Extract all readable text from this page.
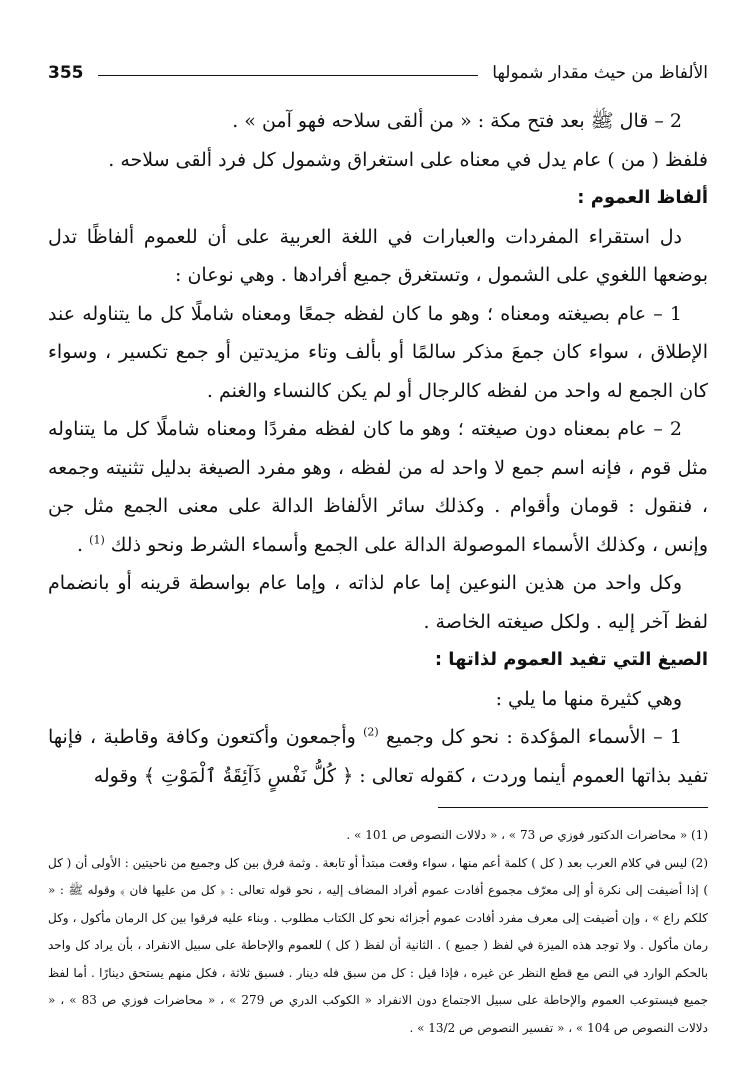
الألفاظ من حيث مقدار شمولها
355

2 – قال ﷺ بعد فتح مكة : « من ألقى سلاحه فهو آمن » .

فلفظ ( من ) عام يدل في معناه على استغراق وشمول كل فرد ألقى سلاحه .

ألفاظ العموم :

دل استقراء المفردات والعبارات في اللغة العربية على أن للعموم ألفاظًا تدل بوضعها اللغوي على الشمول ، وتستغرق جميع أفرادها . وهي نوعان :

1 – عام بصيغته ومعناه ؛ وهو ما كان لفظه جمعًا ومعناه شاملًا كل ما يتناوله عند الإطلاق ، سواء كان جمعَ مذكر سالمًا أو بألف وتاء مزيدتين أو جمع تكسير ، وسواء كان الجمع له واحد من لفظه كالرجال أو لم يكن كالنساء والغنم .

2 – عام بمعناه دون صيغته ؛ وهو ما كان لفظه مفردًا ومعناه شاملًا كل ما يتناوله مثل قوم ، فإنه اسم جمع لا واحد له من لفظه ، وهو مفرد الصيغة بدليل تثنيته وجمعه ، فنقول : قومان وأقوام . وكذلك سائر الألفاظ الدالة على معنى الجمع مثل جن وإنس ، وكذلك الأسماء الموصولة الدالة على الجمع وأسماء الشرط ونحو ذلك $^{(1)}$ .

وكل واحد من هذين النوعين إما عام لذاته ، وإما عام بواسطة قرينه أو بانضمام لفظ آخر إليه . ولكل صيغته الخاصة .

الصيغ التي تفيد العموم لذاتها :

وهي كثيرة منها ما يلي :

1 – الأسماء المؤكدة : نحو كل وجميع $^{(2)}$ وأجمعون وأكتعون وكافة وقاطبة ، فإنها تفيد بذاتها العموم أينما وردت ، كقوله تعالى : ﴿ كُلُّ نَفْسٍ ذَآئِقَةُ ٱلْمَوْتِ ﴾ وقوله

(1) « محاضرات الدكتور فوزي ص 73 » ، « دلالات النصوص ص 101 » .

(2) ليس في كلام العرب بعد ( كل ) كلمة أعم منها ، سواء وقعت مبتدأ أو تابعة . وثمة فرق بين كل وجميع من ناحيتين : الأولى أن ( كل ) إذا أضيفت إلى نكرة أو إلى معرّف مجموع أفادت عموم أفراد المضاف إليه ، نحو قوله تعالى : ﴿ كل من عليها فان ﴾ وقوله ﷺ : « كلكم راع » ، وإن أضيفت إلى معرف مفرد أفادت عموم أجزائه نحو كل الكتاب مطلوب . وبناء عليه فرقوا بين كل الرمان مأكول ، وكل رمان مأكول . ولا توجد هذه الميزة في لفظ ( جميع ) . الثانية أن لفظ ( كل ) للعموم والإحاطة على سبيل الانفراد ، بأن يراد كل واحد بالحكم الوارد في النص مع قطع النظر عن غيره ، فإذا قيل : كل من سبق فله دينار . فسبق ثلاثة ، فكل منهم يستحق دينارًا . أما لفظ جميع فيستوعب العموم والإحاطة على سبيل الاجتماع دون الانفراد « الكوكب الدري ص 279 » ، « محاضرات فوزي ص 83 » ، « دلالات النصوص ص 104 » ، « تفسير النصوص ص 13/2 » .
